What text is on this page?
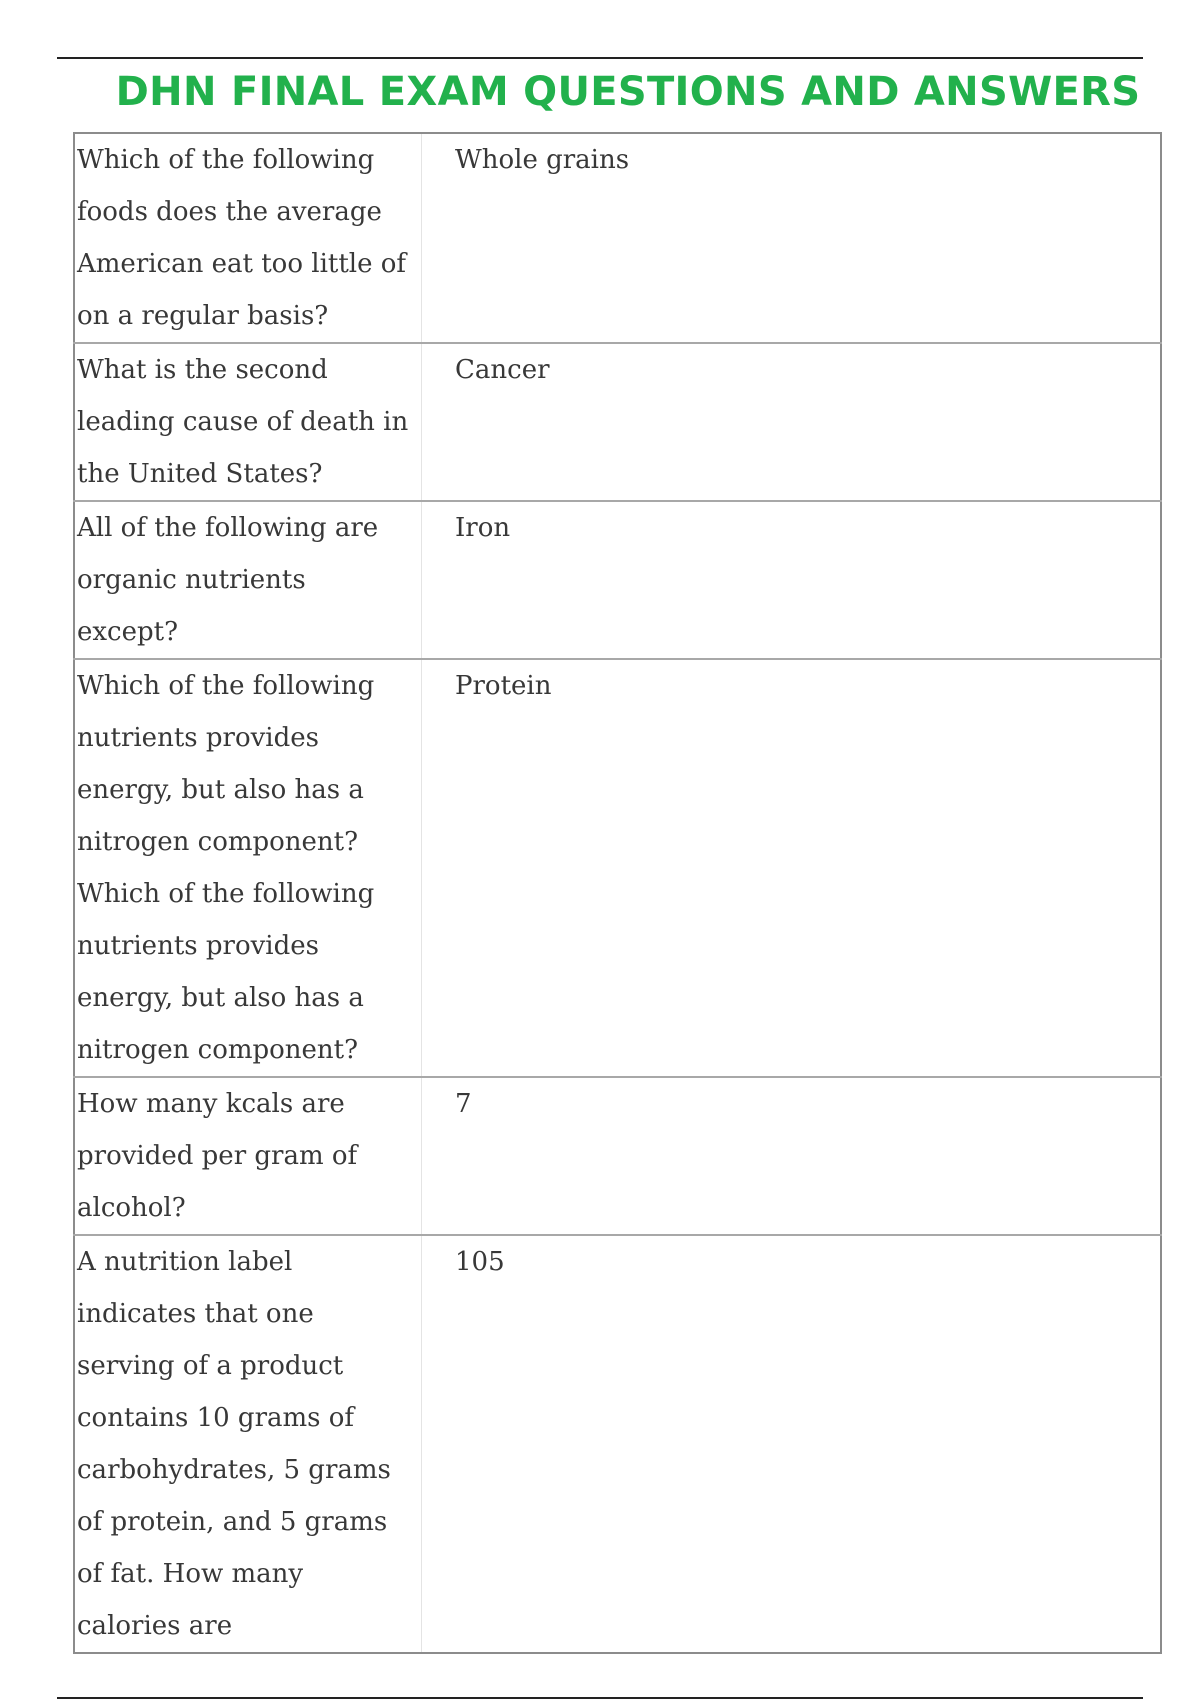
DHN FINAL EXAM QUESTIONS AND ANSWERS
Which of the following foods does the average American eat too little of on a regular basis?	Whole grains
What is the second leading cause of death in the United States?	Cancer
All of the following are organic nutrients except?	Iron
Which of the following nutrients provides energy, but also has a nitrogen component? Which of the following nutrients provides energy, but also has a nitrogen component?	Protein
How many kcals are provided per gram of alcohol?	7
A nutrition label indicates that one serving of a product contains 10 grams of carbohydrates, 5 grams of protein, and 5 grams of fat. How many calories are	105
